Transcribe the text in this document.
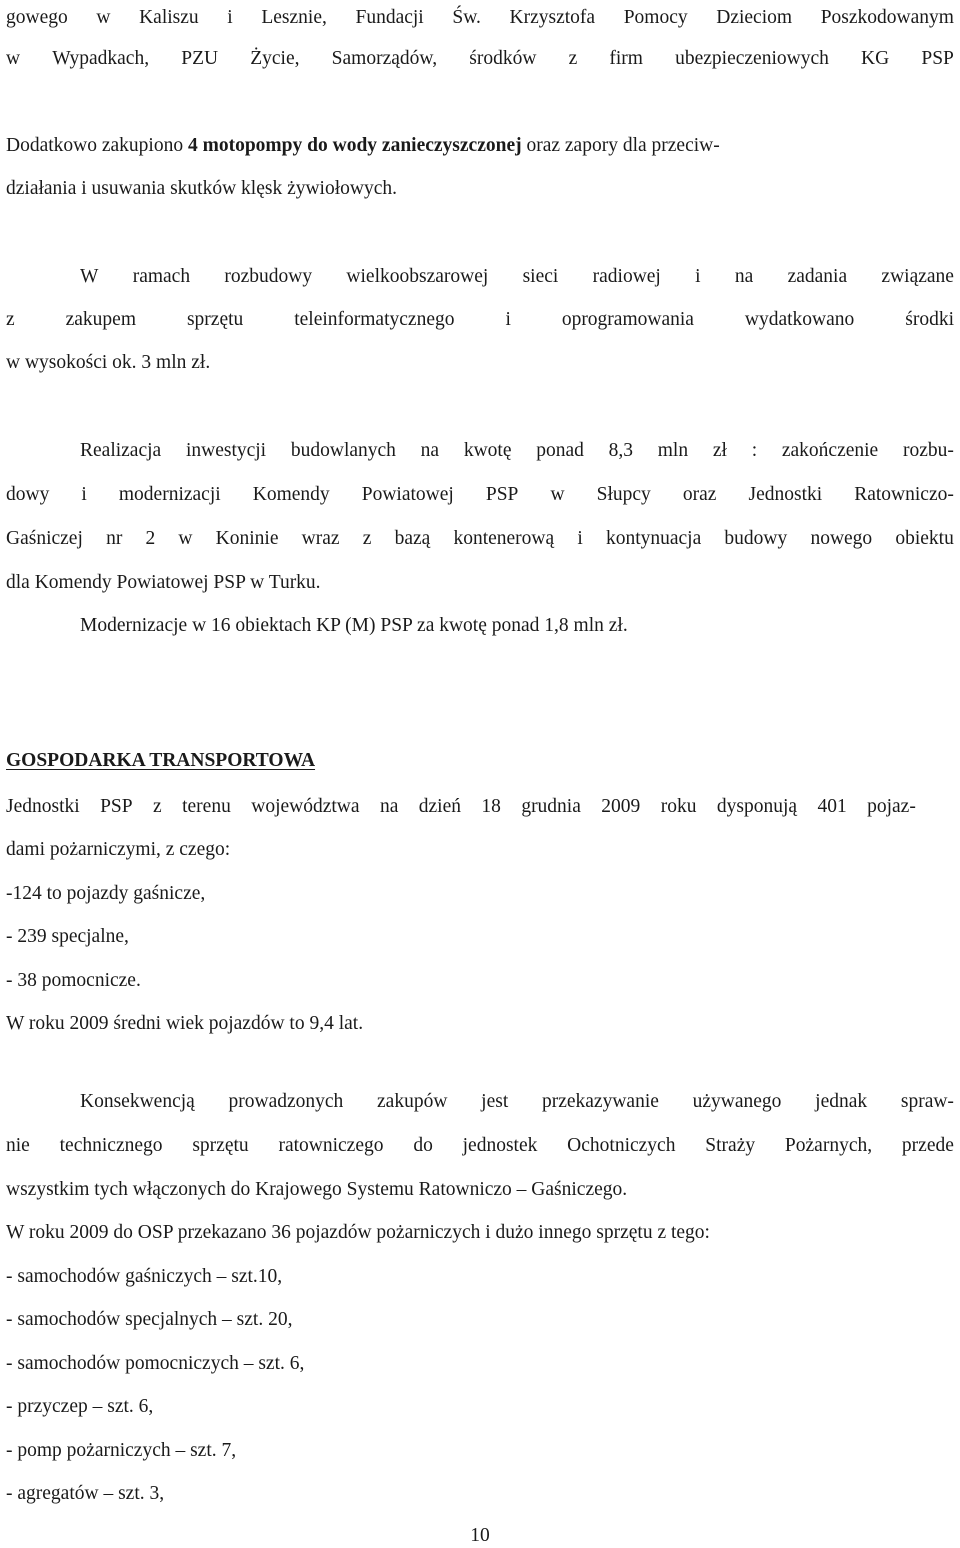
gowego w Kaliszu i Lesznie, Fundacji Św. Krzysztofa Pomocy Dzieciom Poszkodowanym
w Wypadkach, PZU Życie, Samorządów, środków z firm ubezpieczeniowych KG PSP
Dodatkowo zakupiono 4 motopompy do wody zanieczyszczonej oraz zapory dla przeciw-
działania i usuwania skutków klęsk żywiołowych.
W ramach rozbudowy wielkoobszarowej sieci radiowej i na zadania związane
z	zakupem	sprzętu	teleinformatycznego	i	oprogramowania	wydatkowano	środki
w wysokości ok. 3 mln zł.
Realizacja inwestycji budowlanych na kwotę ponad 8,3 mln zł : zakończenie rozbu-
dowy i modernizacji Komendy Powiatowej PSP w Słupcy oraz Jednostki Ratowniczo-
Gaśniczej nr 2 w Koninie wraz z bazą kontenerową i kontynuacja budowy nowego obiektu
dla Komendy Powiatowej PSP w Turku.
Modernizacje w 16 obiektach KP (M) PSP za kwotę ponad 1,8 mln zł.
GOSPODARKA TRANSPORTOWA
Jednostki PSP z terenu województwa na dzień 18 grudnia 2009 roku dysponują 401 pojaz-
dami pożarniczymi, z czego:
-124 to pojazdy gaśnicze,
- 239 specjalne,
- 38 pomocnicze.
W roku 2009 średni wiek pojazdów to 9,4 lat.
Konsekwencją prowadzonych zakupów jest przekazywanie używanego jednak spraw-
nie technicznego sprzętu ratowniczego do jednostek Ochotniczych Straży Pożarnych, przede
wszystkim tych włączonych do Krajowego Systemu Ratowniczo – Gaśniczego.
W roku 2009 do OSP przekazano 36 pojazdów pożarniczych i dużo innego sprzętu z tego:
- samochodów gaśniczych – szt.10,
- samochodów specjalnych – szt. 20,
- samochodów pomocniczych – szt. 6,
- przyczep – szt. 6,
- pomp pożarniczych – szt. 7,
- agregatów – szt. 3,
10
